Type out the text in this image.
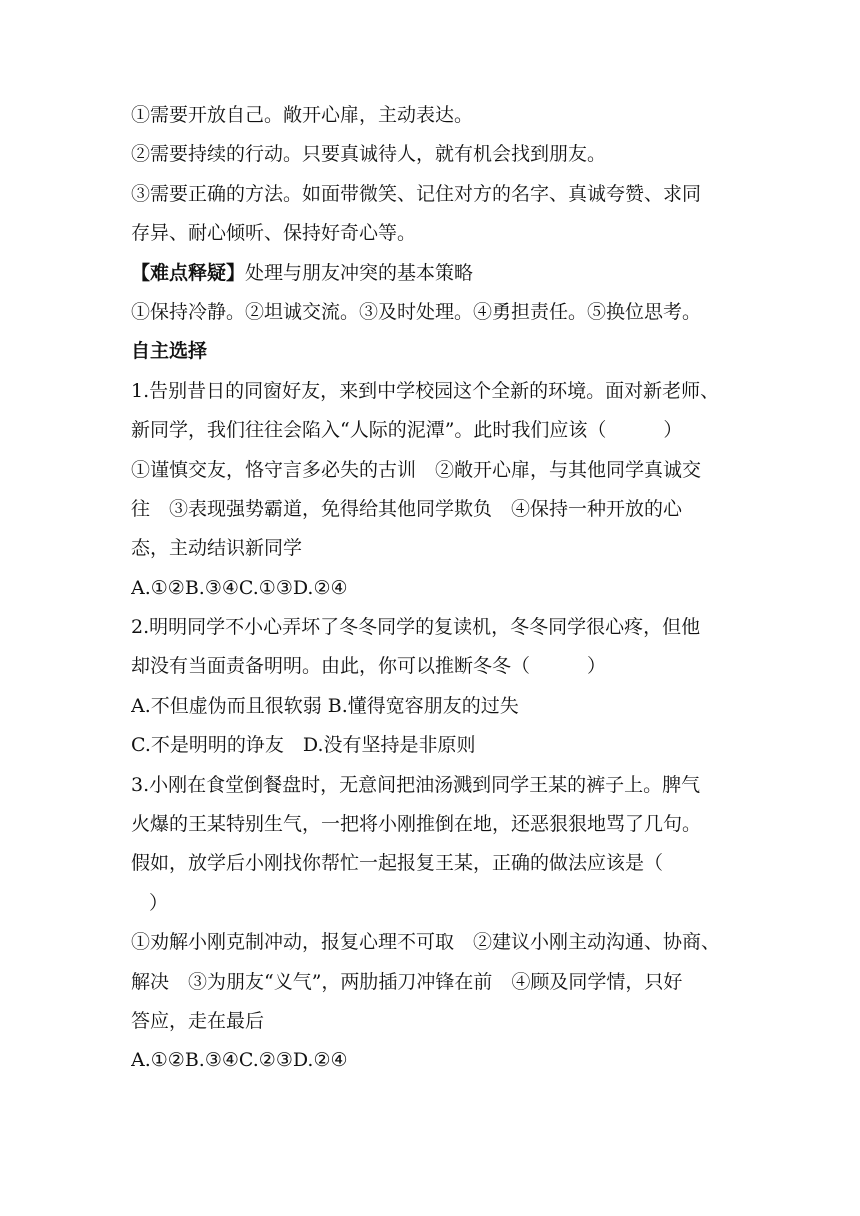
①需要开放自己。敞开心扉，主动表达。
②需要持续的行动。只要真诚待人，就有机会找到朋友。
③需要正确的方法。如面带微笑、记住对方的名字、真诚夸赞、求同
存异、耐心倾听、保持好奇心等。
【难点释疑】处理与朋友冲突的基本策略
①保持冷静。②坦诚交流。③及时处理。④勇担责任。⑤换位思考。
自主选择
1.告别昔日的同窗好友，来到中学校园这个全新的环境。面对新老师、
新同学，我们往往会陷入“人际的泥潭”。此时我们应该（　　　）
①谨慎交友，恪守言多必失的古训　②敞开心扉，与其他同学真诚交
往　③表现强势霸道，免得给其他同学欺负　④保持一种开放的心
态，主动结识新同学
A.①②B.③④C.①③D.②④
2.明明同学不小心弄坏了冬冬同学的复读机，冬冬同学很心疼，但他
却没有当面责备明明。由此，你可以推断冬冬（　　　）
A.不但虚伪而且很软弱 B.懂得宽容朋友的过失
C.不是明明的诤友　D.没有坚持是非原则
3.小刚在食堂倒餐盘时，无意间把油汤溅到同学王某的裤子上。脾气
火爆的王某特别生气，一把将小刚推倒在地，还恶狠狠地骂了几句。
假如，放学后小刚找你帮忙一起报复王某，正确的做法应该是（
）
①劝解小刚克制冲动，报复心理不可取　②建议小刚主动沟通、协商、
解决　③为朋友“义气”，两肋插刀冲锋在前　④顾及同学情，只好
答应，走在最后
A.①②B.③④C.②③D.②④
